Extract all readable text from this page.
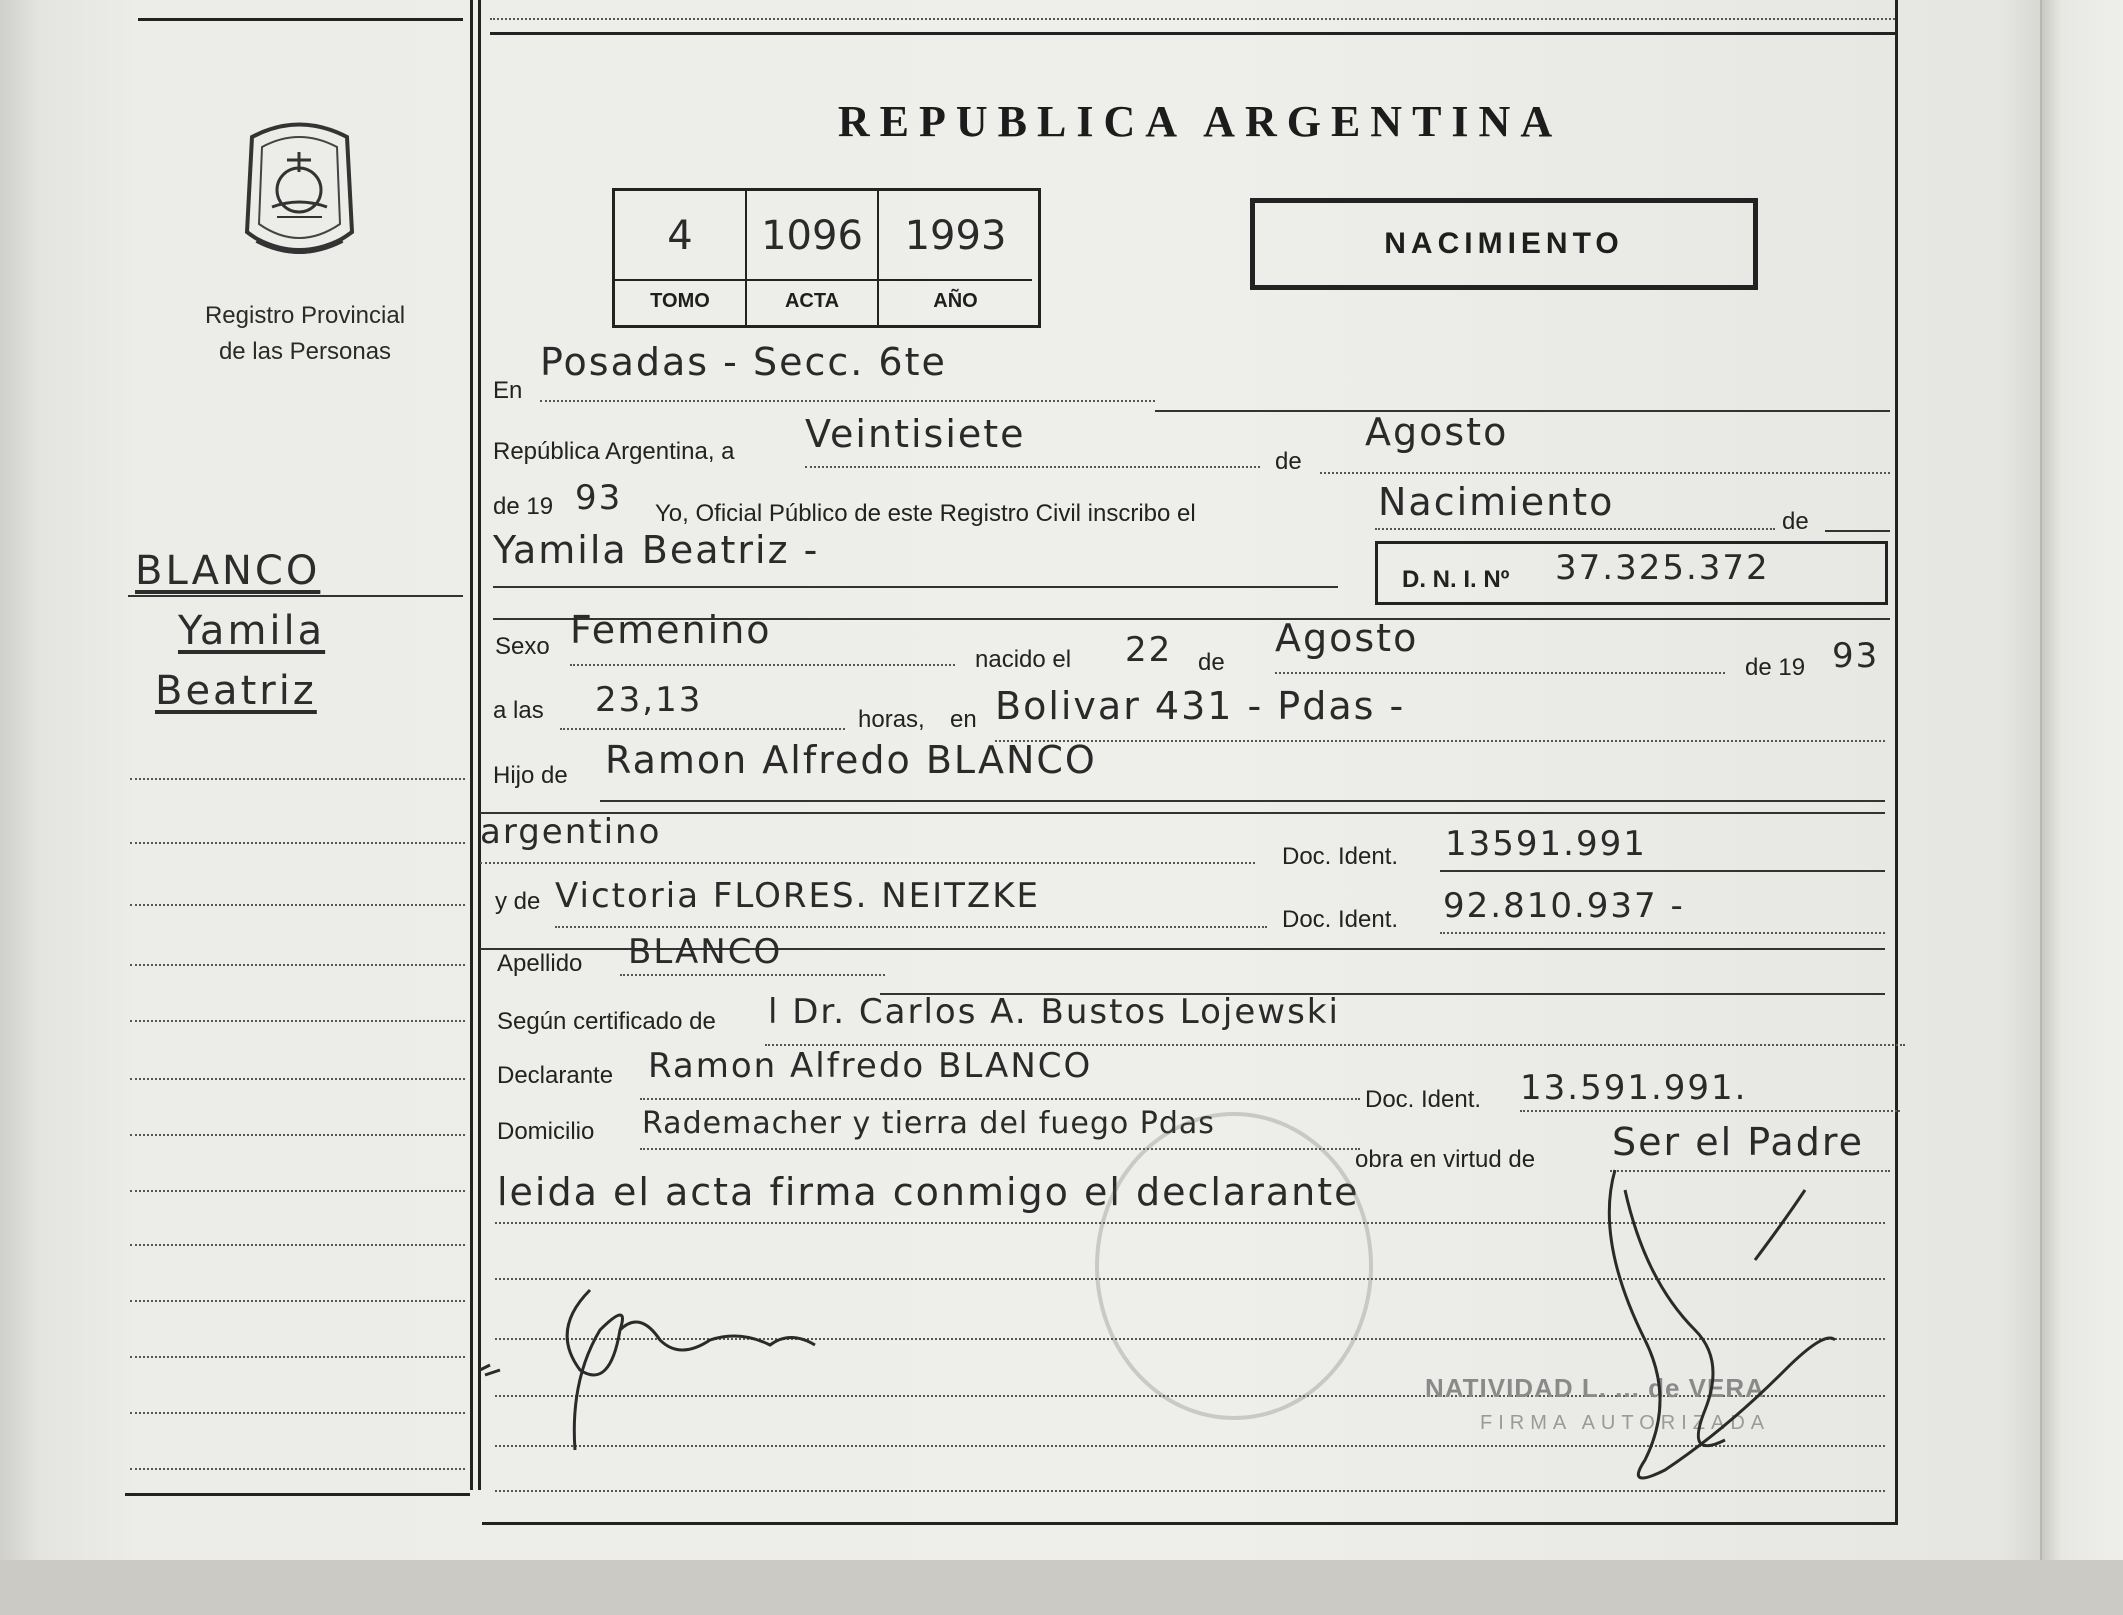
Registro Provincial
de las Personas
BLANCO
Yamila
Beatriz
REPUBLICA ARGENTINA
4	1096	1993
TOMO	ACTA	AÑO
NACIMIENTO
En
Posadas - Secc. 6te
República Argentina, a Veintisiete
de
Agosto
de 19 93 Yo, Oficial Público de este Registro Civil inscribo el	Nacimiento	de
Yamila Beatriz -
D. N. I. Nº 37.325.372
Sexo Femenino
nacido el 22 de
Agosto
de 19 93
a las 23,13	horas, en Bolivar 431 - Pdas -
Hijo de Ramon Alfredo BLANCO
argentino
Doc. Ident. 13591.991
y de Victoria FLORES. NEITZKE
Doc. Ident. 92.810.937 -
Apellido BLANCO
Según certificado de l Dr. Carlos A. Bustos Lojewski
Declarante Ramon Alfredo BLANCO
Doc. Ident. 13.591.991.
Domicilio Rademacher y tierra del fuego Pdas
obra en virtud de Ser el Padre
leida el acta firma conmigo el declarante
NATIVIDAD L. ... de VERA
FIRMA AUTORIZADA
